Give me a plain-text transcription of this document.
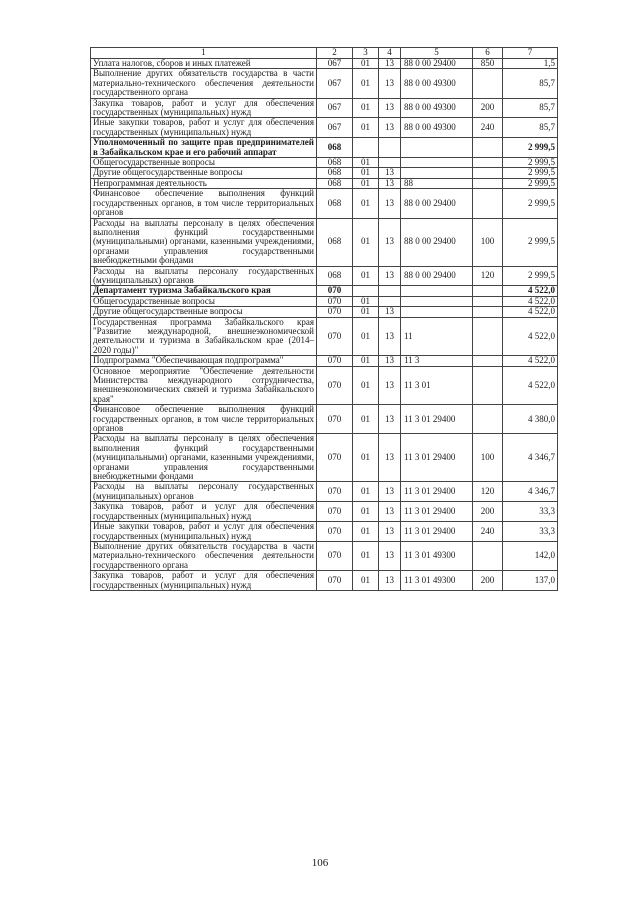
1	2	3	4	5	6	7
Уплата налогов, сборов и иных платежей	067	01	13	88 0 00 29400	850	1,5
Выполнение других обязательств государства в части материально-технического обеспечения деятельности государственного органа	067	01	13	88 0 00 49300		85,7
Закупка товаров, работ и услуг для обеспечения государственных (муниципальных) нужд	067	01	13	88 0 00 49300	200	85,7
Иные закупки товаров, работ и услуг для обеспечения государственных (муниципальных) нужд	067	01	13	88 0 00 49300	240	85,7
Уполномоченный по защите прав предпринимателей в Забайкальском крае и его рабочий аппарат	068					2 999,5
Общегосударственные вопросы	068	01				2 999,5
Другие общегосударственные вопросы	068	01	13			2 999,5
Непрограммная деятельность	068	01	13	88		2 999,5
Финансовое обеспечение выполнения функций государственных органов, в том числе территориальных органов	068	01	13	88 0 00 29400		2 999,5
Расходы на выплаты персоналу в целях обеспечения выполнения функций государственными (муниципальными) органами, казенными учреждениями, органами управления государственными внебюджетными фондами	068	01	13	88 0 00 29400	100	2 999,5
Расходы на выплаты персоналу государственных (муниципальных) органов	068	01	13	88 0 00 29400	120	2 999,5
Департамент туризма Забайкальского края	070					4 522,0
Общегосударственные вопросы	070	01				4 522,0
Другие общегосударственные вопросы	070	01	13			4 522,0
Государственная программа Забайкальского края "Развитие международной, внешнеэкономической деятельности и туризма в Забайкальском крае (2014–2020 годы)"	070	01	13	11		4 522,0
Подпрограмма "Обеспечивающая подпрограмма"	070	01	13	11 3		4 522,0
Основное мероприятие "Обеспечение деятельности Министерства международного сотрудничества, внешнеэкономических связей и туризма Забайкальского края"	070	01	13	11 3 01		4 522,0
Финансовое обеспечение выполнения функций государственных органов, в том числе территориальных органов	070	01	13	11 3 01 29400		4 380,0
Расходы на выплаты персоналу в целях обеспечения выполнения функций государственными (муниципальными) органами, казенными учреждениями, органами управления государственными внебюджетными фондами	070	01	13	11 3 01 29400	100	4 346,7
Расходы на выплаты персоналу государственных (муниципальных) органов	070	01	13	11 3 01 29400	120	4 346,7
Закупка товаров, работ и услуг для обеспечения государственных (муниципальных) нужд	070	01	13	11 3 01 29400	200	33,3
Иные закупки товаров, работ и услуг для обеспечения государственных (муниципальных) нужд	070	01	13	11 3 01 29400	240	33,3
Выполнение других обязательств государства в части материально-технического обеспечения деятельности государственного органа	070	01	13	11 3 01 49300		142,0
Закупка товаров, работ и услуг для обеспечения государственных (муниципальных) нужд	070	01	13	11 3 01 49300	200	137,0
106
